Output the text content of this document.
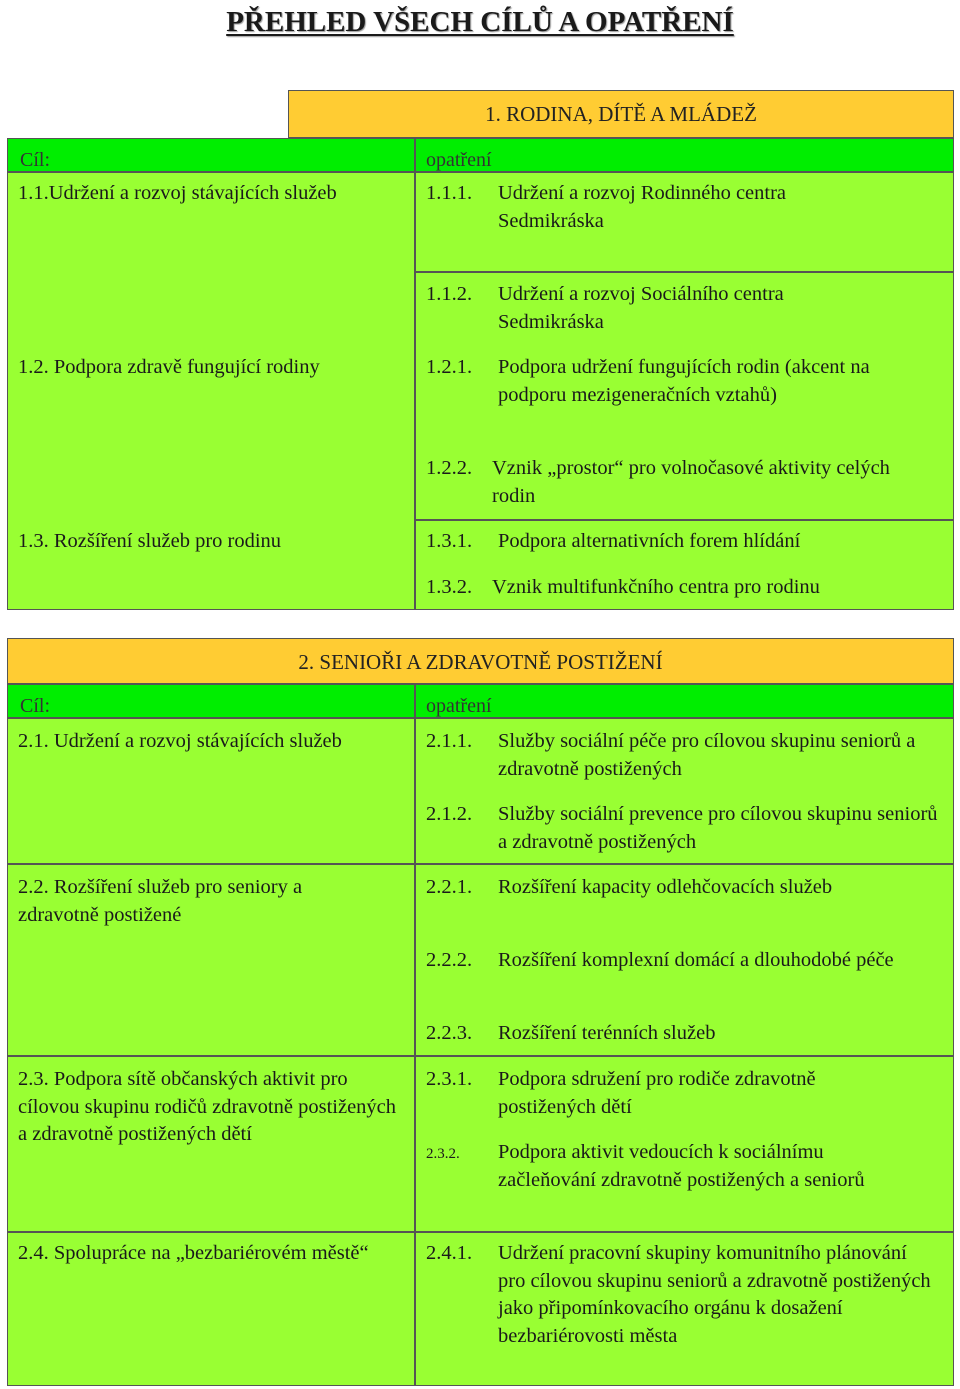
PŘEHLED VŠECH CÍLŮ A OPATŘENÍ
1. RODINA, DÍTĚ A MLÁDEŽ
Cíl:	opatření
1.1.Udržení a rozvoj stávajících služeb
1.2. Podpora zdravě fungující rodiny
1.3. Rozšíření služeb pro rodinu
1.1.1. Udržení a rozvoj Rodinného centra Sedmikráska
1.1.2. Udržení a rozvoj Sociálního centra Sedmikráska
1.2.1. Podpora udržení fungujících rodin (akcent na podporu mezigeneračních vztahů)
1.2.2. Vznik „prostor“ pro volnočasové aktivity celých rodin
1.3.1. Podpora alternativních forem hlídání
1.3.2. Vznik multifunkčního centra pro rodinu
2. SENIOŘI A ZDRAVOTNĚ POSTIŽENÍ
Cíl:	opatření
2.1. Udržení a rozvoj stávajících služeb
2.2. Rozšíření služeb pro seniory a zdravotně postižené
2.3. Podpora sítě občanských aktivit pro cílovou skupinu rodičů zdravotně postižených a zdravotně postižených dětí
2.4. Spolupráce na „bezbariérovém městě“
2.1.1. Služby sociální péče pro cílovou skupinu seniorů a zdravotně postižených
2.1.2. Služby sociální prevence pro cílovou skupinu seniorů a zdravotně postižených
2.2.1. Rozšíření kapacity odlehčovacích služeb
2.2.2. Rozšíření komplexní domácí a dlouhodobé péče
2.2.3. Rozšíření terénních služeb
2.3.1. Podpora sdružení pro rodiče zdravotně postižených dětí
2.3.2. Podpora aktivit vedoucích k sociálnímu začleňování zdravotně postižených a seniorů
2.4.1. Udržení pracovní skupiny komunitního plánování pro cílovou skupinu seniorů a zdravotně postižených jako připomínkovacího orgánu k dosažení bezbariérovosti města
